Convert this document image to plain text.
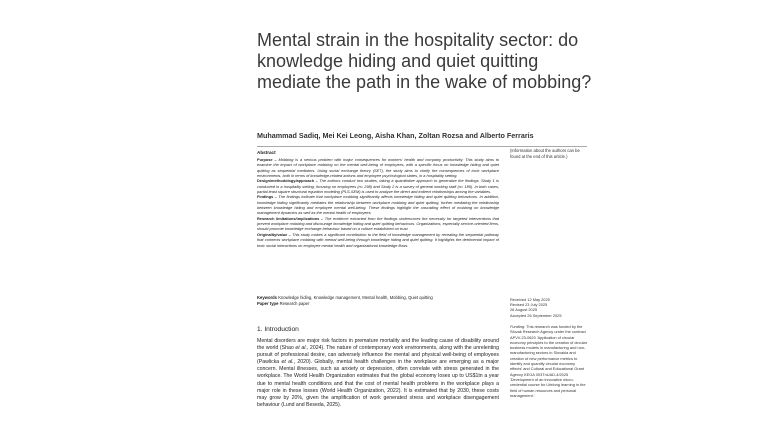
Mental strain in the hospitality sector: do
knowledge hiding and quiet quitting
mediate the path in the wake of mobbing?
Muhammad Sadiq, Mei Kei Leong, Aisha Khan, Zoltan Rozsa and Alberto Ferraris
Abstract

Purpose – Mobbing is a serious problem with major consequences for workers' health and company productivity. This study aims to examine the impact of workplace mobbing on the mental well-being of employees, with a specific focus on knowledge hiding and quiet quitting as sequential mediators. Using social exchange theory (SET), the study aims to clarify the consequences of toxic workplace environments, both in terms of knowledge-related actions and employee psychological states, in a hospitality setting.

Design/methodology/approach – The authors conduct two studies, taking a quantitative approach to generalize the findings. Study 1 is conducted in a hospitality setting, focusing on employees (n= 298) and Study 2 is a survey of general working staff (n= 185). In both cases, partial least square structural equation modeling (PLS-SEM) is used to analyze the direct and indirect relationships among the variables.

Findings – The findings indicate that workplace mobbing significantly affects knowledge hiding and quiet quitting behaviours. In addition, knowledge hiding significantly mediates the relationship between workplace mobbing and quiet quitting, further mediating the relationship between knowledge hiding and employee mental well-being. These findings highlight the cascading effect of mobbing on knowledge management dynamics as well as the mental health of employees.

Research limitations/implications – The evidence extracted from the findings underscores the necessity for targeted interventions that prevent workplace mobbing and discourage knowledge hiding and quiet quitting behaviours. Organizations, especially service-oriented firms, should promote knowledge exchange behaviour based on a culture established on trust.

Originality/value – This study makes a significant contribution to the field of knowledge management by revealing the sequential pathway that connects workplace mobbing with mental well-being through knowledge hiding and quiet quitting. It highlights the detrimental impact of toxic social interactions on employee mental health and organizational knowledge flows.

Keywords Knowledge hiding, Knowledge management, Mental health, Mobbing, Quiet quitting

Paper type Research paper

(Information about the authors can be found at the end of this article.)
Received 12 May 2025
Revised 23 July 2025
26 August 2025
Accepted 26 September 2025

Funding: This research was funded by the Slovak Research Agency under the contract APVV-23-0620 'Application of circular economy principles to the creation of circular business models in manufacturing and non-manufacturing sectors in Slovakia and creation of new performance metrics to identify and quantify circular economy effects' and Cultural and Educational Grant Agency KEGA 003TnUAD-4/2025 'Development of an innovative micro-credential course for Lifelong learning in the field of human resources and personal management.'

1. Introduction

Mental disorders are major risk factors in premature mortality and the leading cause of disability around the world (Shao et al., 2024). The nature of contemporary work environments, along with the unrelenting pursuit of professional desire, can adversely influence the mental and physical well-being of employees (Pawlicka et al., 2020). Globally, mental health challenges in the workplace are emerging as a major concern. Mental illnesses, such as anxiety or depression, often correlate with stress generated in the workplace. The World Health Organization estimates that the global economy loses up to US$1tn a year due to mental health conditions and that the cost of mental health problems in the workplace plays a major role in these losses (World Health Organization, 2022). It is estimated that by 2030, these costs may grow by 20%, given the amplification of work generated stress and workplace disengagement behaviour (Lund and Beseda, 2025).
